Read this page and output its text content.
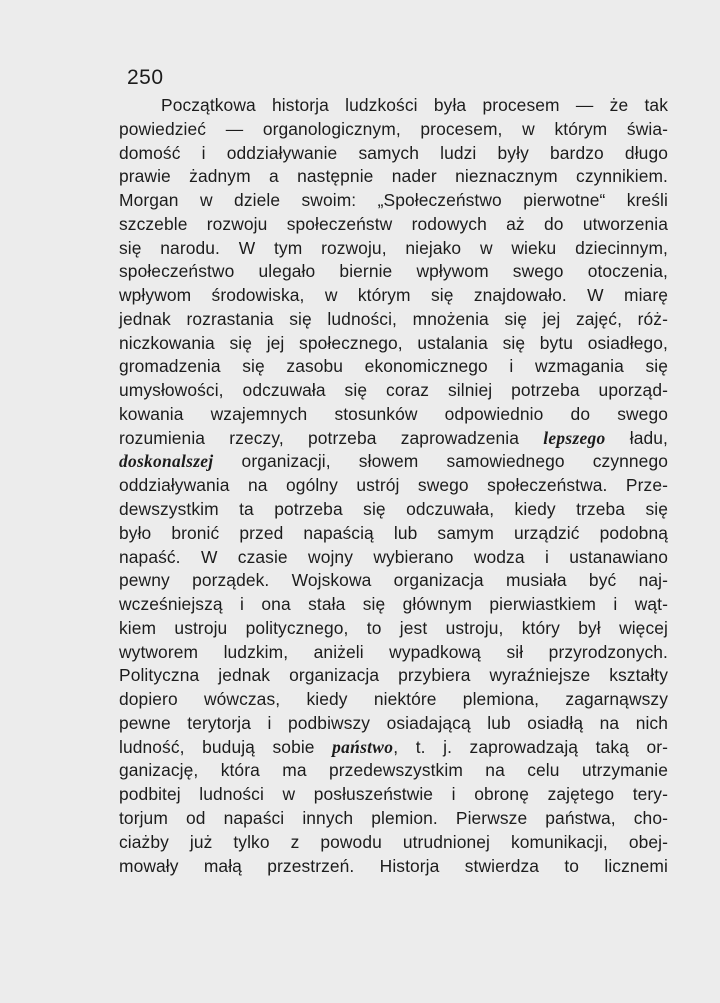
250
Początkowa historja ludzkości była procesem — że tak
powiedzieć — organologicznym, procesem, w którym świa-
domość i oddziaływanie samych ludzi były bardzo długo
prawie żadnym a następnie nader nieznacznym czynnikiem.
Morgan w dziele swoim: „Społeczeństwo pierwotne“ kreśli
szczeble rozwoju społeczeństw rodowych aż do utworzenia
się narodu. W tym rozwoju, niejako w wieku dziecinnym,
społeczeństwo ulegało biernie wpływom swego otoczenia,
wpływom środowiska, w którym się znajdowało. W miarę
jednak rozrastania się ludności, mnożenia się jej zajęć, róż-
niczkowania się jej społecznego, ustalania się bytu osiadłego,
gromadzenia się zasobu ekonomicznego i wzmagania się
umysłowości, odczuwała się coraz silniej potrzeba uporząd-
kowania wzajemnych stosunków odpowiednio do swego
rozumienia rzeczy, potrzeba zaprowadzenia lepszego ładu,
doskonalszej organizacji, słowem samowiednego czynnego
oddziaływania na ogólny ustrój swego społeczeństwa. Prze-
dewszystkim ta potrzeba się odczuwała, kiedy trzeba się
było bronić przed napaścią lub samym urządzić podobną
napaść. W czasie wojny wybierano wodza i ustanawiano
pewny porządek. Wojskowa organizacja musiała być naj-
wcześniejszą i ona stała się głównym pierwiastkiem i wąt-
kiem ustroju politycznego, to jest ustroju, który był więcej
wytworem ludzkim, aniżeli wypadkową sił przyrodzonych.
Polityczna jednak organizacja przybiera wyraźniejsze kształty
dopiero wówczas, kiedy niektóre plemiona, zagarnąwszy
pewne terytorja i podbiwszy osiadającą lub osiadłą na nich
ludność, budują sobie państwo, t. j. zaprowadzają taką or-
ganizację, która ma przedewszystkim na celu utrzymanie
podbitej ludności w posłuszeństwie i obronę zajętego tery-
torjum od napaści innych plemion. Pierwsze państwa, cho-
ciażby już tylko z powodu utrudnionej komunikacji, obej-
mowały małą przestrzeń. Historja stwierdza to licznemi
